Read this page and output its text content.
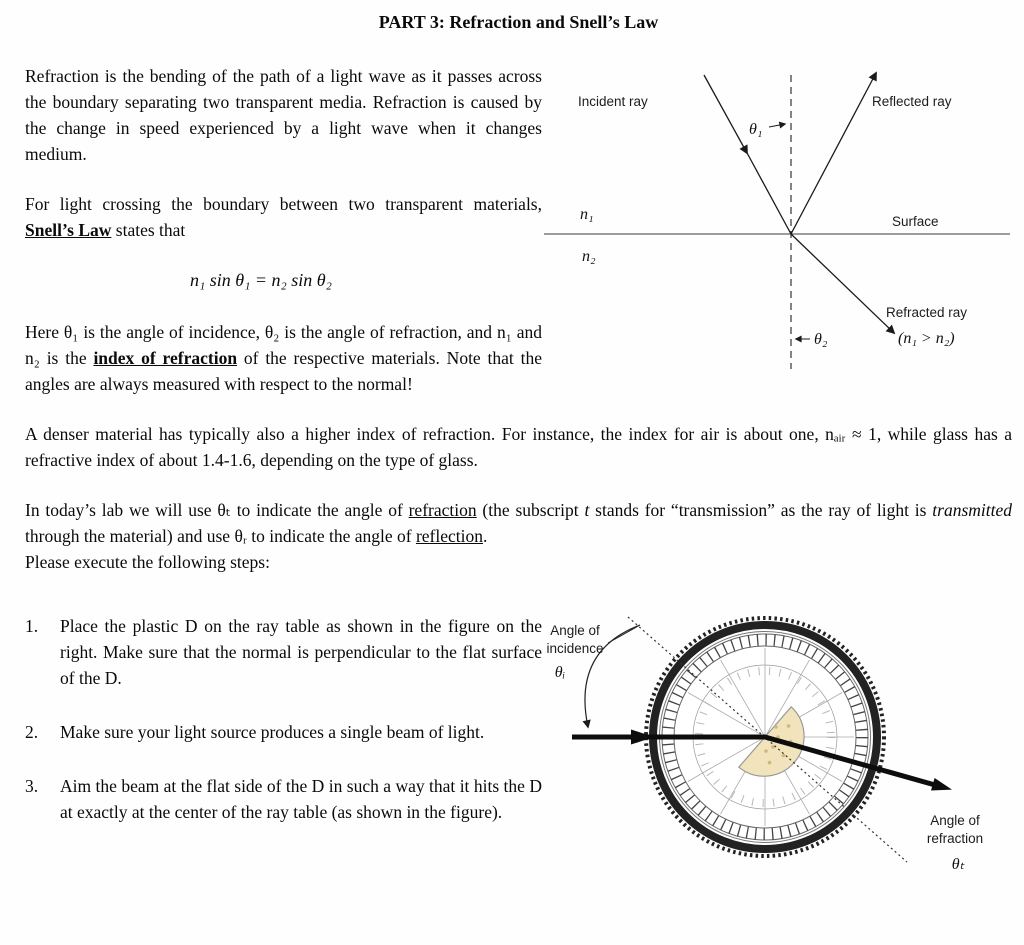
PART 3: Refraction and Snell’s Law

Refraction is the bending of the path of a light wave as it passes across the boundary separating two transparent media. Refraction is caused by the change in speed experienced by a light wave when it changes medium.

For light crossing the boundary between two transparent materials, Snell’s Law states that

n₁ sin θ₁ = n₂ sin θ₂

Here θ₁ is the angle of incidence, θ₂ is the angle of refraction, and n₁ and n₂ is the index of refraction of the respective materials. Note that the angles are always measured with respect to the normal!

Incident ray	Reflected ray
Surface
Refracted ray
(n₁ > n₂)
θ₁
θ₂
n₁
n₂

A denser material has typically also a higher index of refraction. For instance, the index for air is about one, nₐᵢᵣ ≈ 1, while glass has a refractive index of about 1.4-1.6, depending on the type of glass.

In today’s lab we will use θₜ to indicate the angle of refraction (the subscript t stands for “transmission” as the ray of light is transmitted through the material) and use θᵣ to indicate the angle of reflection.
Please execute the following steps:

1.	Place the plastic D on the ray table as shown in the figure on the right. Make sure that the normal is perpendicular to the flat surface of the D.
2.	Make sure your light source produces a single beam of light.
3.	Aim the beam at the flat side of the D in such a way that it hits the D at exactly at the center of the ray table (as shown in the figure).
Angle of
incidence
θᵢ
Angle of
refraction
θₜ
